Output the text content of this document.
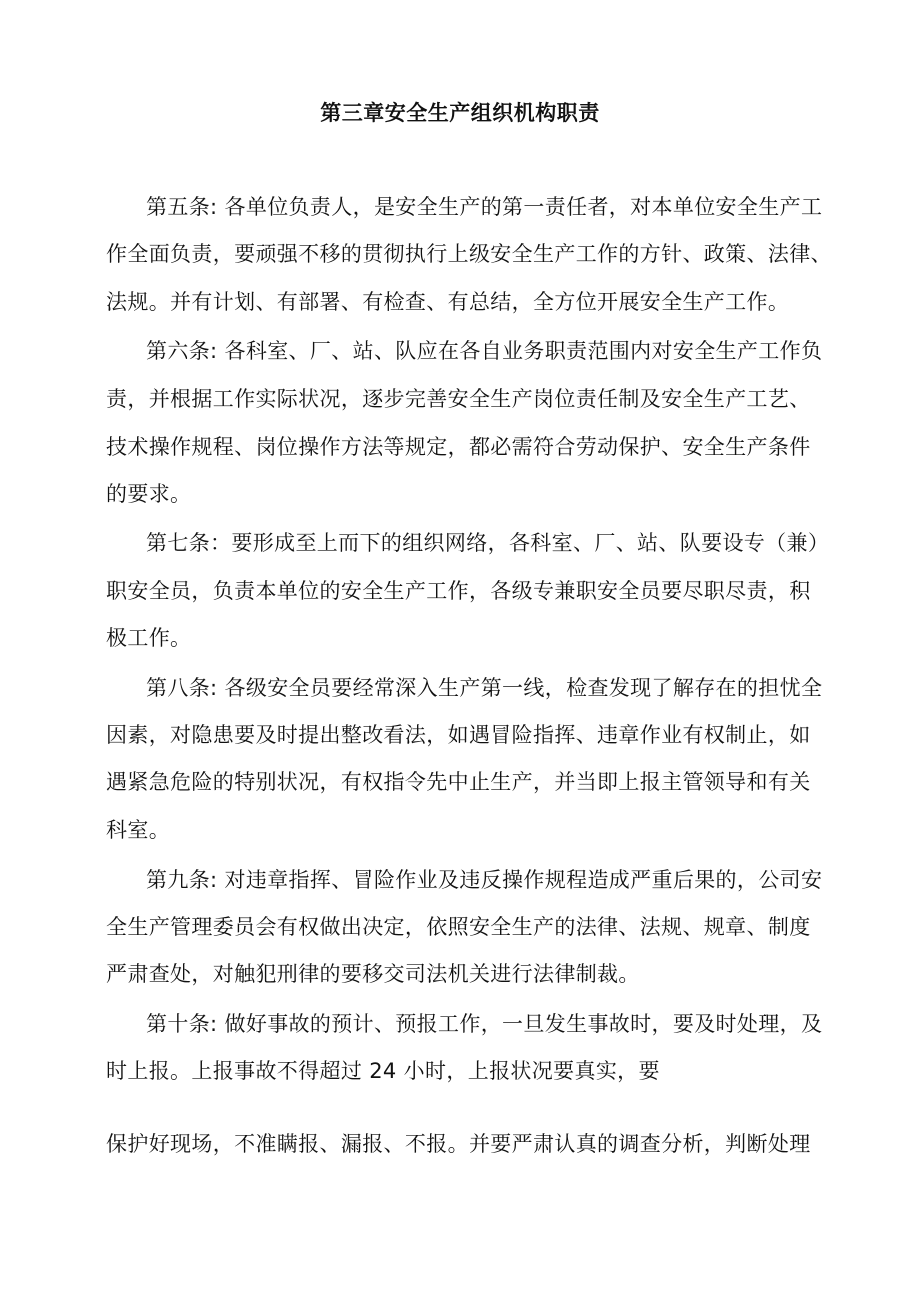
第三章安全生产组织机构职责
第五条: 各单位负责人，是安全生产的第一责任者，对本单位安全生产工
作全面负责，要顽强不移的贯彻执行上级安全生产工作的方针、政策、法律、
法规。并有计划、有部署、有检查、有总结，全方位开展安全生产工作。
第六条: 各科室、厂、站、队应在各自业务职责范围内对安全生产工作负
责，并根据工作实际状况，逐步完善安全生产岗位责任制及安全生产工艺、
技术操作规程、岗位操作方法等规定，都必需符合劳动保护、安全生产条件
的要求。
第七条：要形成至上而下的组织网络，各科室、厂、站、队要设专（兼）
职安全员，负责本单位的安全生产工作，各级专兼职安全员要尽职尽责，积
极工作。
第八条: 各级安全员要经常深入生产第一线，检查发现了解存在的担忧全
因素，对隐患要及时提出整改看法，如遇冒险指挥、违章作业有权制止，如
遇紧急危险的特别状况，有权指令先中止生产，并当即上报主管领导和有关
科室。
第九条: 对违章指挥、冒险作业及违反操作规程造成严重后果的，公司安
全生产管理委员会有权做出决定，依照安全生产的法律、法规、规章、制度
严肃查处，对触犯刑律的要移交司法机关进行法律制裁。
第十条: 做好事故的预计、预报工作，一旦发生事故时，要及时处理，及
时上报。上报事故不得超过 24 小时，上报状况要真实，要
保护好现场，不准瞒报、漏报、不报。并要严肃认真的调查分析，判断处理
